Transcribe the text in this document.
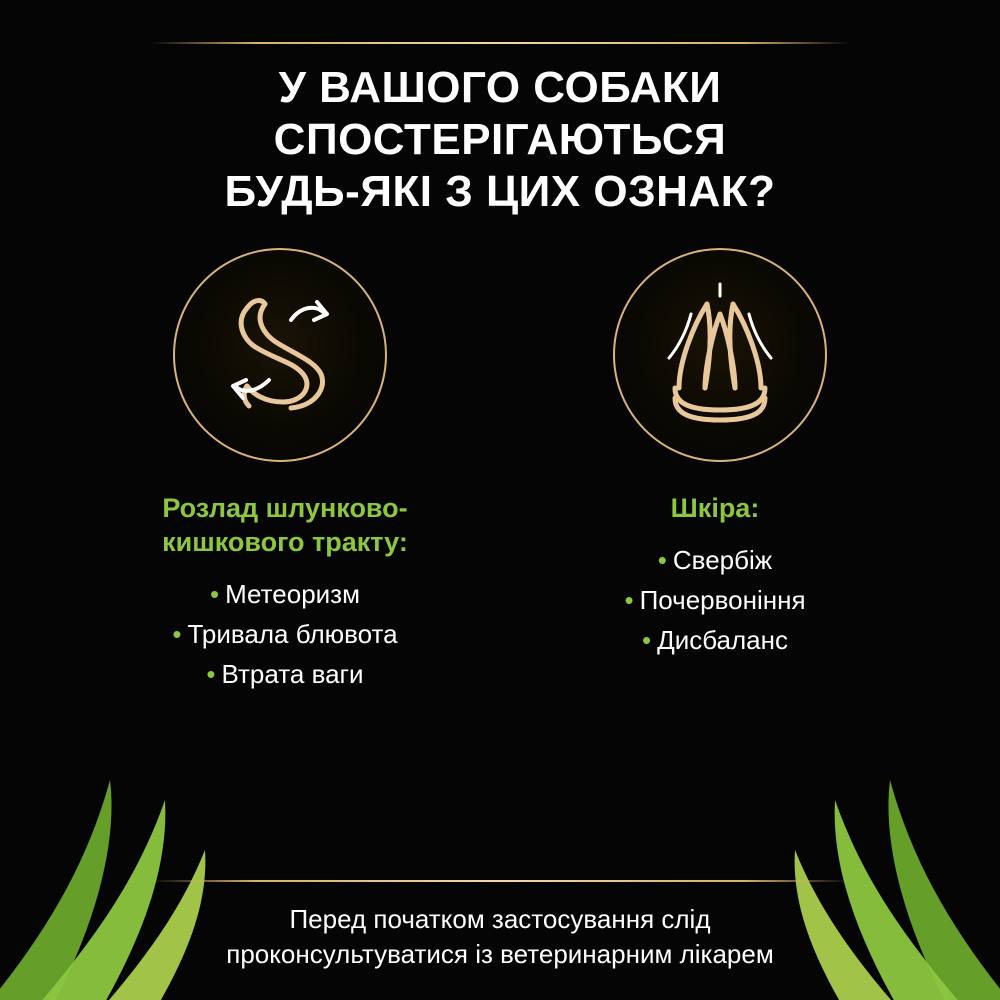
У ВАШОГО СОБАКИ
СПОСТЕРІГАЮТЬСЯ
БУДЬ-ЯКІ З ЦИХ ОЗНАК?
Розлад шлунково-
кишкового тракту:
• Метеоризм
• Тривала блювота
• Втрата ваги
Шкіра:
• Свербіж
• Почервоніння
• Дисбаланс
Перед початком застосування слід
проконсультуватися із ветеринарним лікарем
